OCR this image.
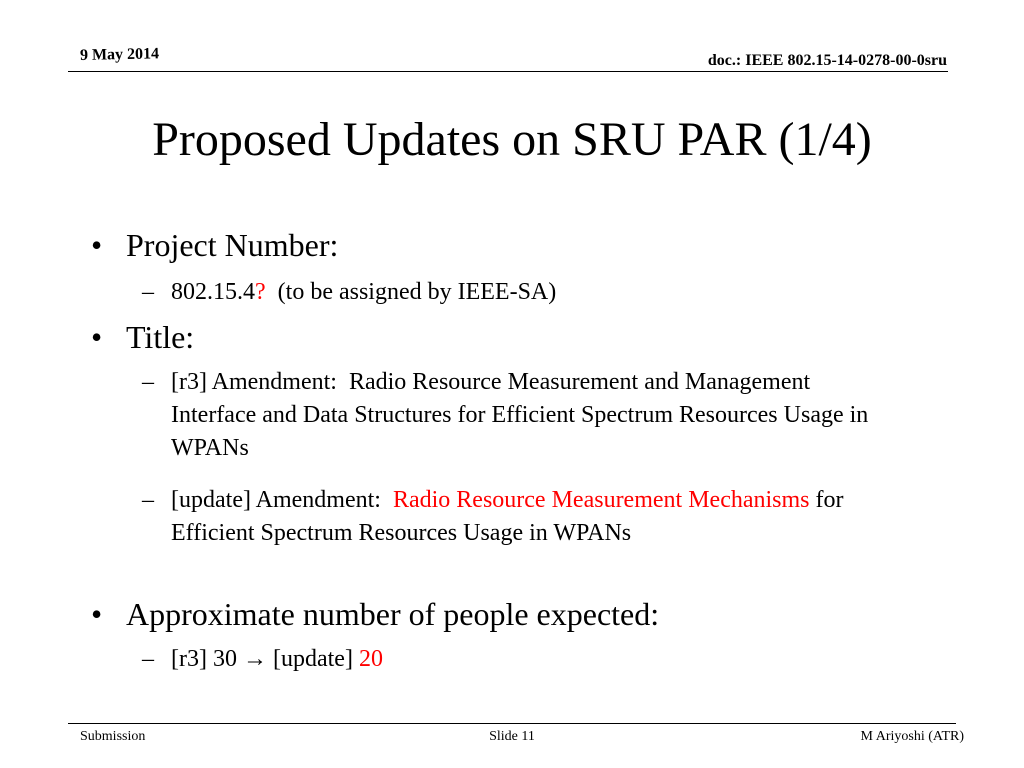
9 May 2014	doc.: IEEE 802.15-14-0278-00-0sru
Proposed Updates on SRU PAR (1/4)
• Project Number:
– 802.15.4?  (to be assigned by IEEE-SA)
• Title:
– [r3] Amendment:  Radio Resource Measurement and Management Interface and Data Structures for Efficient Spectrum Resources Usage in WPANs
– [update] Amendment:  Radio Resource Measurement Mechanisms for Efficient Spectrum Resources Usage in WPANs
• Approximate number of people expected:
– [r3] 30 → [update] 20
Submission	Slide 11	M Ariyoshi (ATR)
